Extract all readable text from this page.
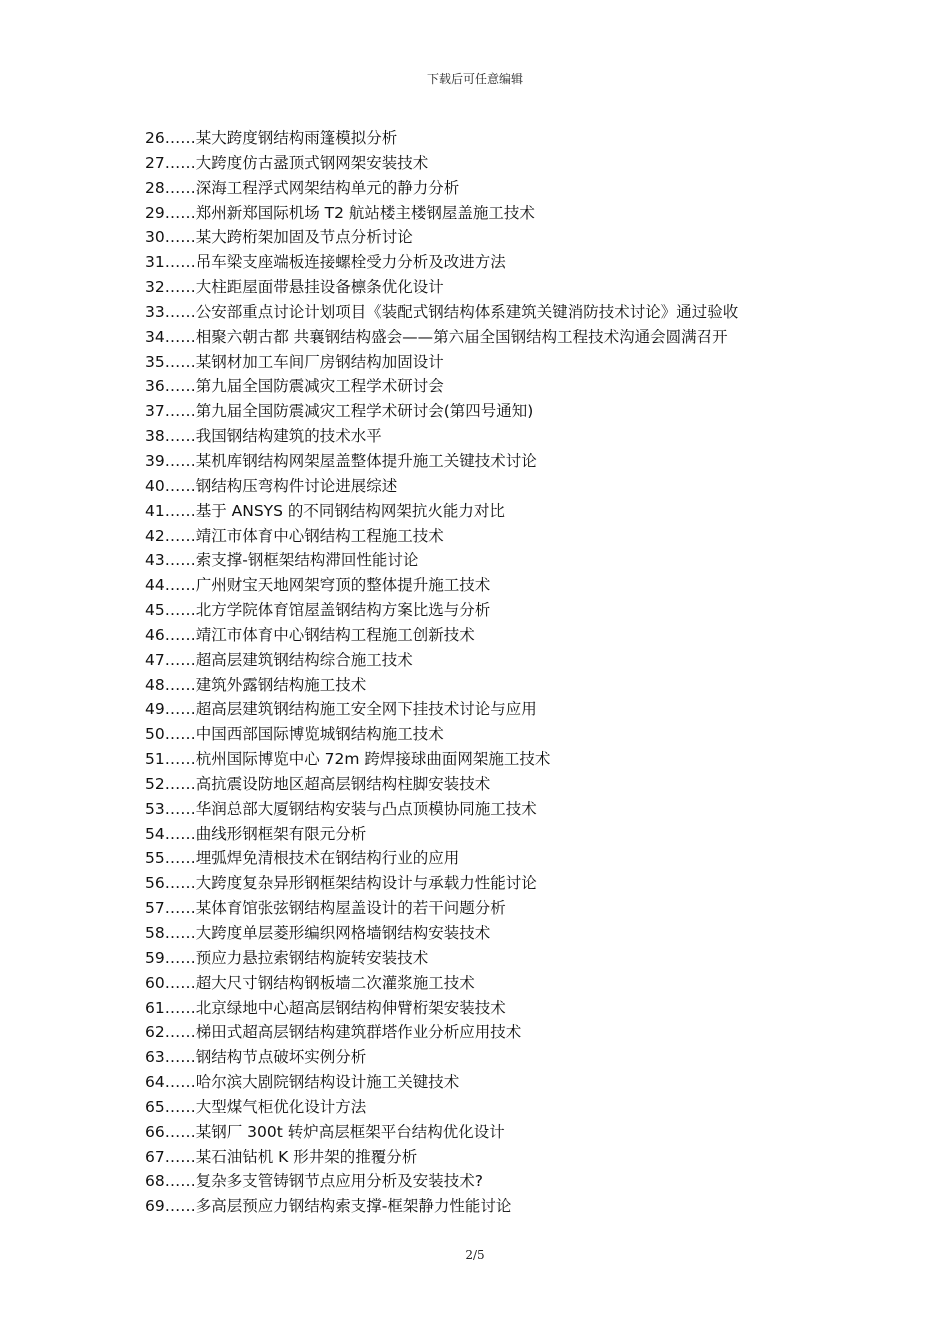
下载后可任意编辑
26……某大跨度钢结构雨篷模拟分析
27……大跨度仿古盝顶式钢网架安装技术
28……深海工程浮式网架结构单元的静力分析
29……郑州新郑国际机场 T2 航站楼主楼钢屋盖施工技术
30……某大跨桁架加固及节点分析讨论
31……吊车梁支座端板连接螺栓受力分析及改进方法
32……大柱距屋面带悬挂设备檩条优化设计
33……公安部重点讨论计划项目《装配式钢结构体系建筑关键消防技术讨论》通过验收
34……相聚六朝古都 共襄钢结构盛会——第六届全国钢结构工程技术沟通会圆满召开
35……某钢材加工车间厂房钢结构加固设计
36……第九届全国防震减灾工程学术研讨会
37……第九届全国防震减灾工程学术研讨会(第四号通知)
38……我国钢结构建筑的技术水平
39……某机库钢结构网架屋盖整体提升施工关键技术讨论
40……钢结构压弯构件讨论进展综述
41……基于 ANSYS 的不同钢结构网架抗火能力对比
42……靖江市体育中心钢结构工程施工技术
43……索支撑-钢框架结构滞回性能讨论
44……广州财宝天地网架穹顶的整体提升施工技术
45……北方学院体育馆屋盖钢结构方案比选与分析
46……靖江市体育中心钢结构工程施工创新技术
47……超高层建筑钢结构综合施工技术
48……建筑外露钢结构施工技术
49……超高层建筑钢结构施工安全网下挂技术讨论与应用
50……中国西部国际博览城钢结构施工技术
51……杭州国际博览中心 72m 跨焊接球曲面网架施工技术
52……高抗震设防地区超高层钢结构柱脚安装技术
53……华润总部大厦钢结构安装与凸点顶模协同施工技术
54……曲线形钢框架有限元分析
55……埋弧焊免清根技术在钢结构行业的应用
56……大跨度复杂异形钢框架结构设计与承载力性能讨论
57……某体育馆张弦钢结构屋盖设计的若干问题分析
58……大跨度单层菱形编织网格墙钢结构安装技术
59……预应力悬拉索钢结构旋转安装技术
60……超大尺寸钢结构钢板墙二次灌浆施工技术
61……北京绿地中心超高层钢结构伸臂桁架安装技术
62……梯田式超高层钢结构建筑群塔作业分析应用技术
63……钢结构节点破坏实例分析
64……哈尔滨大剧院钢结构设计施工关键技术
65……大型煤气柜优化设计方法
66……某钢厂 300t 转炉高层框架平台结构优化设计
67……某石油钻机 K 形井架的推覆分析
68……复杂多支管铸钢节点应用分析及安装技术?
69……多高层预应力钢结构索支撑-框架静力性能讨论
2/5
